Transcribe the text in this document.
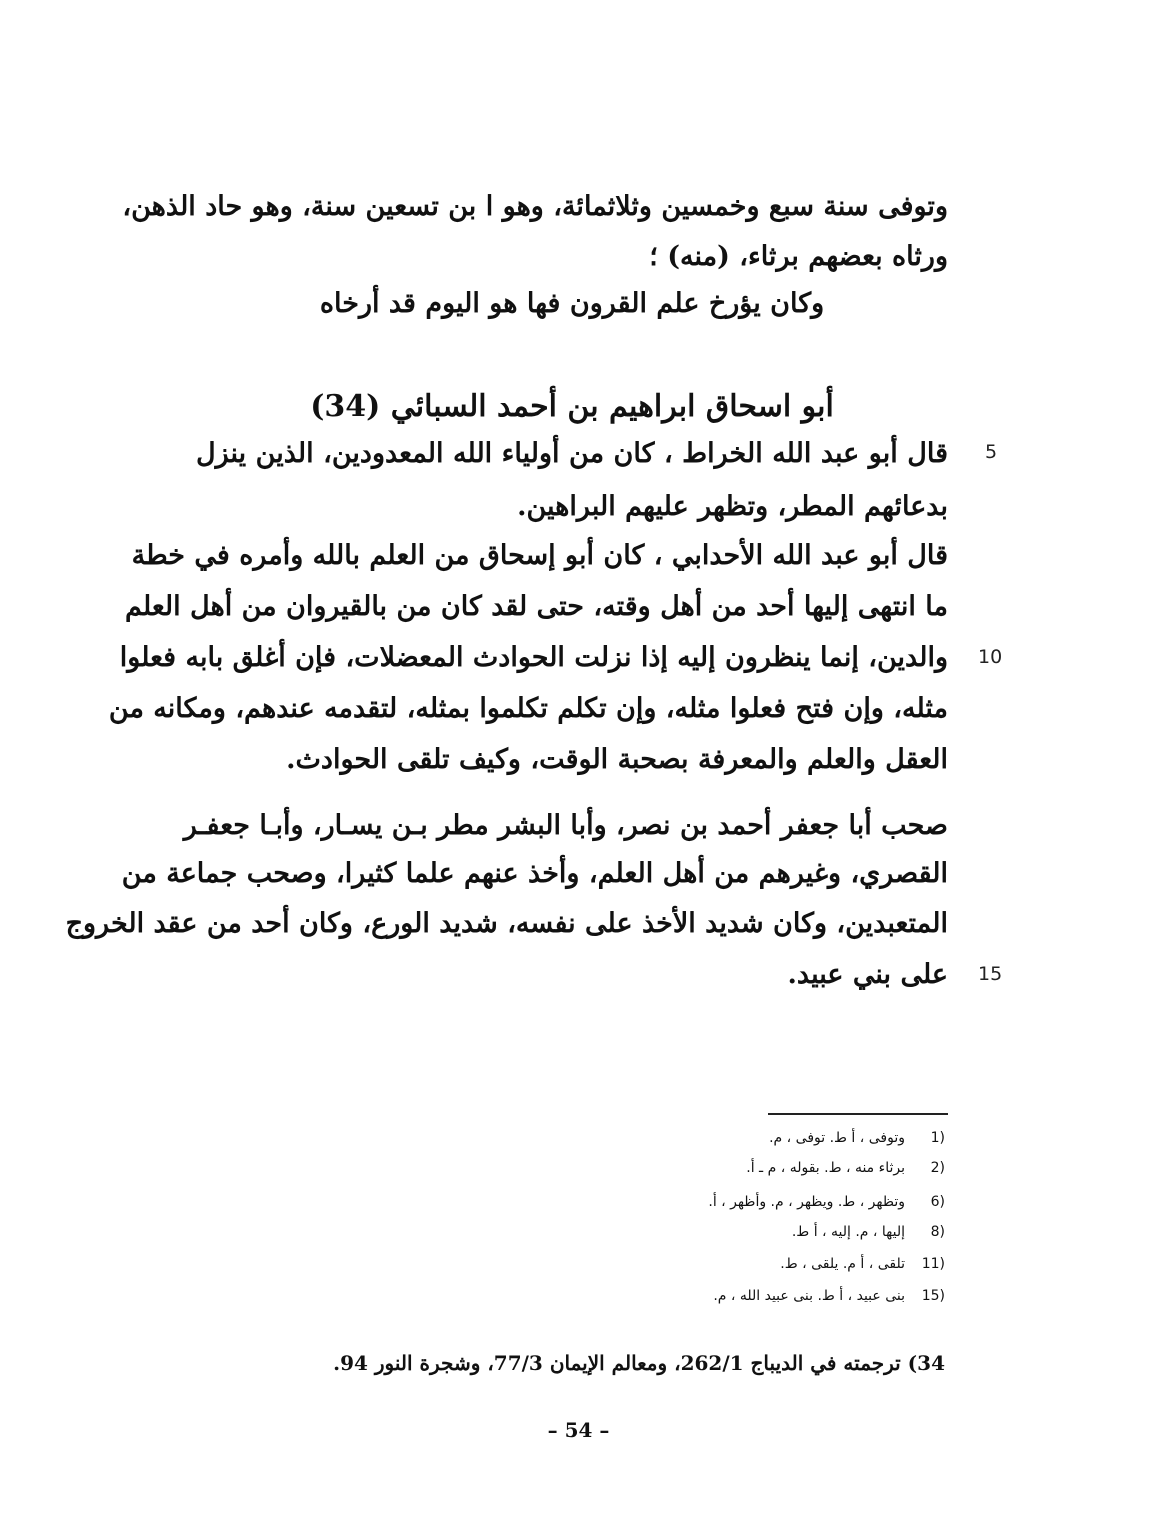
وتوفى سنة سبع وخمسين وثلاثمائة، وهو ا بن تسعين سنة، وهو حاد الذهن،
ورثاه بعضهم برثاء، (منه) ؛
وكان يؤرخ علم القرون فها هو اليوم قد أرخاه
أبو اسحاق ابراهيم بن أحمد السبائي (34)
قال أبو عبد الله الخراط ، كان من أولياء الله المعدودين، الذين ينزل
بدعائهم المطر، وتظهر عليهم البراهين.
قال أبو عبد الله الأحدابي ، كان أبو إسحاق من العلم بالله وأمره في خطة
ما انتهى إليها أحد من أهل وقته، حتى لقد كان من بالقيروان من أهل العلم
والدين، إنما ينظرون إليه إذا نزلت الحوادث المعضلات، فإن أغلق بابه فعلوا
مثله، وإن فتح فعلوا مثله، وإن تكلم تكلموا بمثله، لتقدمه عندهم، ومكانه من
العقل والعلم والمعرفة بصحبة الوقت، وكيف تلقى الحوادث.
صحب أبا جعفر أحمد بن نصر، وأبا البشر مطر بـن يسـار، وأبـا جعفـر
القصري، وغيرهم من أهل العلم، وأخذ عنهم علما كثيرا، وصحب جماعة من
المتعبدين، وكان شديد الأخذ على نفسه، شديد الورع، وكان أحد من عقد الخروج
على بني عبيد.
5
10
15
1)وتوفى ، أ ط. توفى ، م.
2)برثاء منه ، ط. بقوله ، م ـ أ.
6)وتظهر ، ط. ويظهر ، م. وأظهر ، أ.
8)إليها ، م. إليه ، أ ط.
11)تلقى ، أ م. يلقى ، ط.
15)بنى عبيد ، أ ط. بنى عبيد الله ، م.
34) ترجمته في الديباج 262/1، ومعالم الإيمان 77/3، وشجرة النور 94.
– 54 –
